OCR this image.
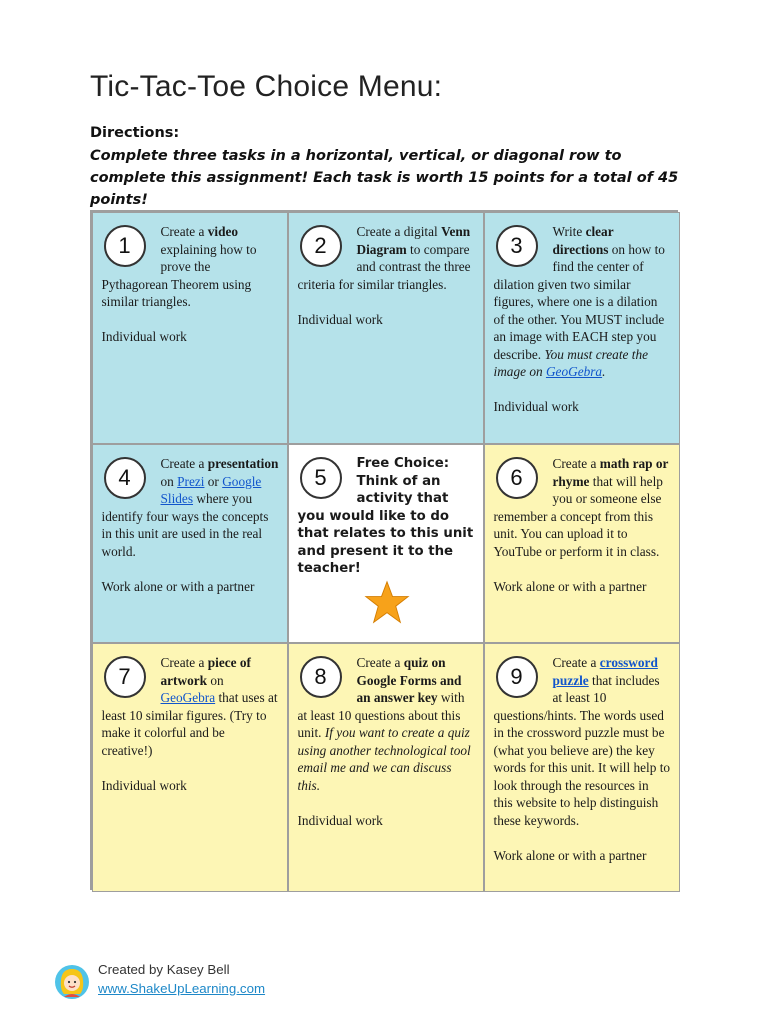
Tic-Tac-Toe Choice Menu:
Directions:
Complete three tasks in a horizontal, vertical, or diagonal row to complete this assignment! Each task is worth 15 points for a total of 45 points!
1

Create a video explaining how to prove the Pythagorean Theorem using similar triangles.

Individual work

2

Create a digital Venn Diagram to compare and contrast the three criteria for similar triangles.

Individual work

3

Write clear directions on how to find the center of dilation given two similar figures, where one is a dilation of the other. You MUST include an image with EACH step you describe. You must create the image on GeoGebra.

Individual work

4

Create a presentation on Prezi or Google Slides where you identify four ways the concepts in this unit are used in the real world.

Work alone or with a partner

5

Free Choice: Think of an activity that you would like to do that relates to this unit and present it to the teacher!

6

Create a math rap or rhyme that will help you or someone else remember a concept from this unit. You can upload it to YouTube or perform it in class.

Work alone or with a partner

7

Create a piece of artwork on GeoGebra that uses at least 10 similar figures. (Try to make it colorful and be creative!)

Individual work

8

Create a quiz on Google Forms and an answer key with at least 10 questions about this unit. If you want to create a quiz using another technological tool email me and we can discuss this.

Individual work

9

Create a crossword puzzle that includes at least 10 questions/hints. The words used in the crossword puzzle must be (what you believe are) the key words for this unit. It will help to look through the resources in this website to help distinguish these keywords.

Work alone or with a partner

Created by Kasey Bell
www.ShakeUpLearning.com
